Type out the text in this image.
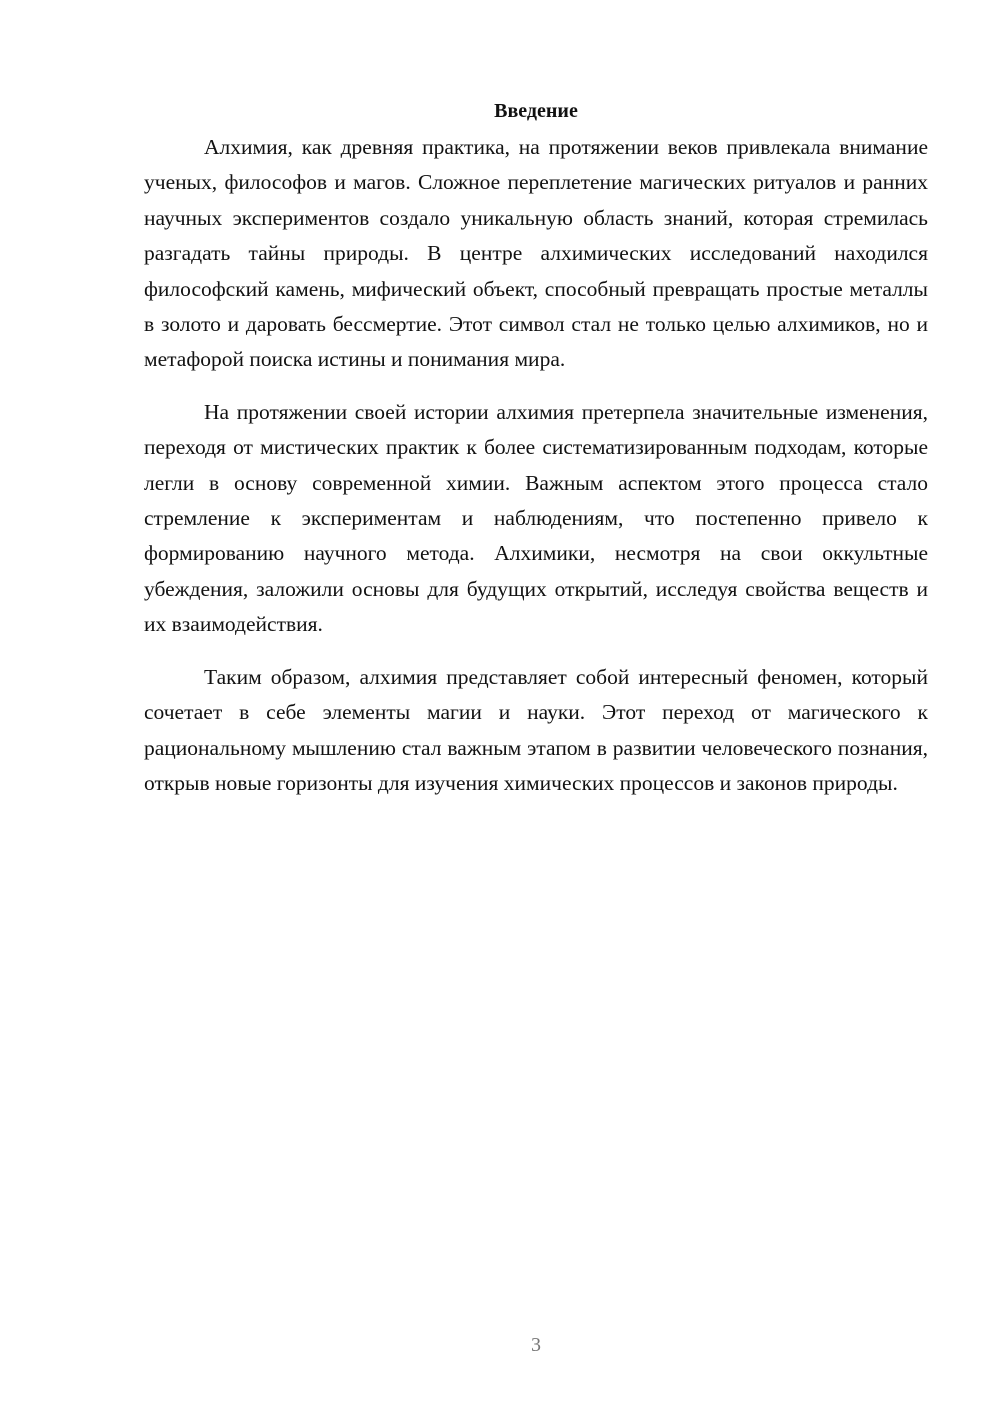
Введение

Алхимия, как древняя практика, на протяжении веков привлекала внимание ученых, философов и магов. Сложное переплетение магических ритуалов и ранних научных экспериментов создало уникальную область знаний, которая стремилась разгадать тайны природы. В центре алхимических исследований находился философский камень, мифический объект, способный превращать простые металлы в золото и даровать бессмертие. Этот символ стал не только целью алхимиков, но и метафорой поиска истины и понимания мира.

На протяжении своей истории алхимия претерпела значительные изменения, переходя от мистических практик к более систематизированным подходам, которые легли в основу современной химии. Важным аспектом этого процесса стало стремление к экспериментам и наблюдениям, что постепенно привело к формированию научного метода. Алхимики, несмотря на свои оккультные убеждения, заложили основы для будущих открытий, исследуя свойства веществ и их взаимодействия.

Таким образом, алхимия представляет собой интересный феномен, который сочетает в себе элементы магии и науки. Этот переход от магического к рациональному мышлению стал важным этапом в развитии человеческого познания, открыв новые горизонты для изучения химических процессов и законов природы.

3
